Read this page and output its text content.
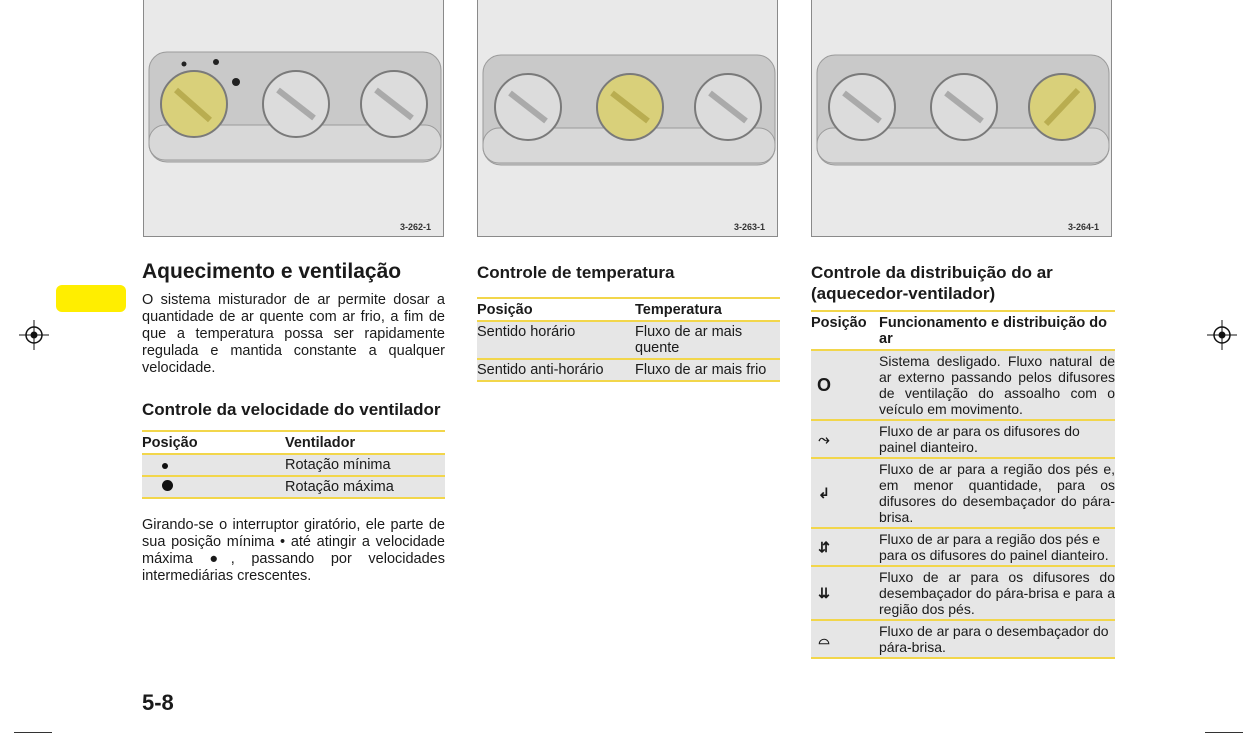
3-262-1	3-263-1	3-264-1
Aquecimento e ventilação

O sistema misturador de ar permite dosar a quantidade de ar quente com ar frio, a fim de que a temperatura possa ser rapidamente regulada e mantida constante a qualquer velocidade.

Controle da velocidade do ventilador
Posição	Ventilador
	Rotação mínima
	Rotação máxima

Girando-se o interruptor giratório, ele parte de sua posição mínima • até atingir a velocidade máxima ●, passando por velocidades intermediárias crescentes.

Controle de temperatura
Posição	Temperatura
Sentido horário	Fluxo de ar mais quente
Sentido anti-horário	Fluxo de ar mais frio
Controle da distribuição do ar (aquecedor-ventilador)
Posição	Funcionamento e distribuição do ar
O	Sistema desligado. Fluxo natural de ar externo passando pelos difusores de ventilação do assoalho com o veículo em movimento.
⤳	Fluxo de ar para os difusores do painel dianteiro.
↲	Fluxo de ar para a região dos pés e, em menor quantidade, para os difusores do desembaçador do pára-brisa.
⇵	Fluxo de ar para a região dos pés e para os difusores do painel dianteiro.
⇊	Fluxo de ar para os difusores do desembaçador do pára-brisa e para a região dos pés.
⌓	Fluxo de ar para o desembaçador do pára-brisa.
5-8
